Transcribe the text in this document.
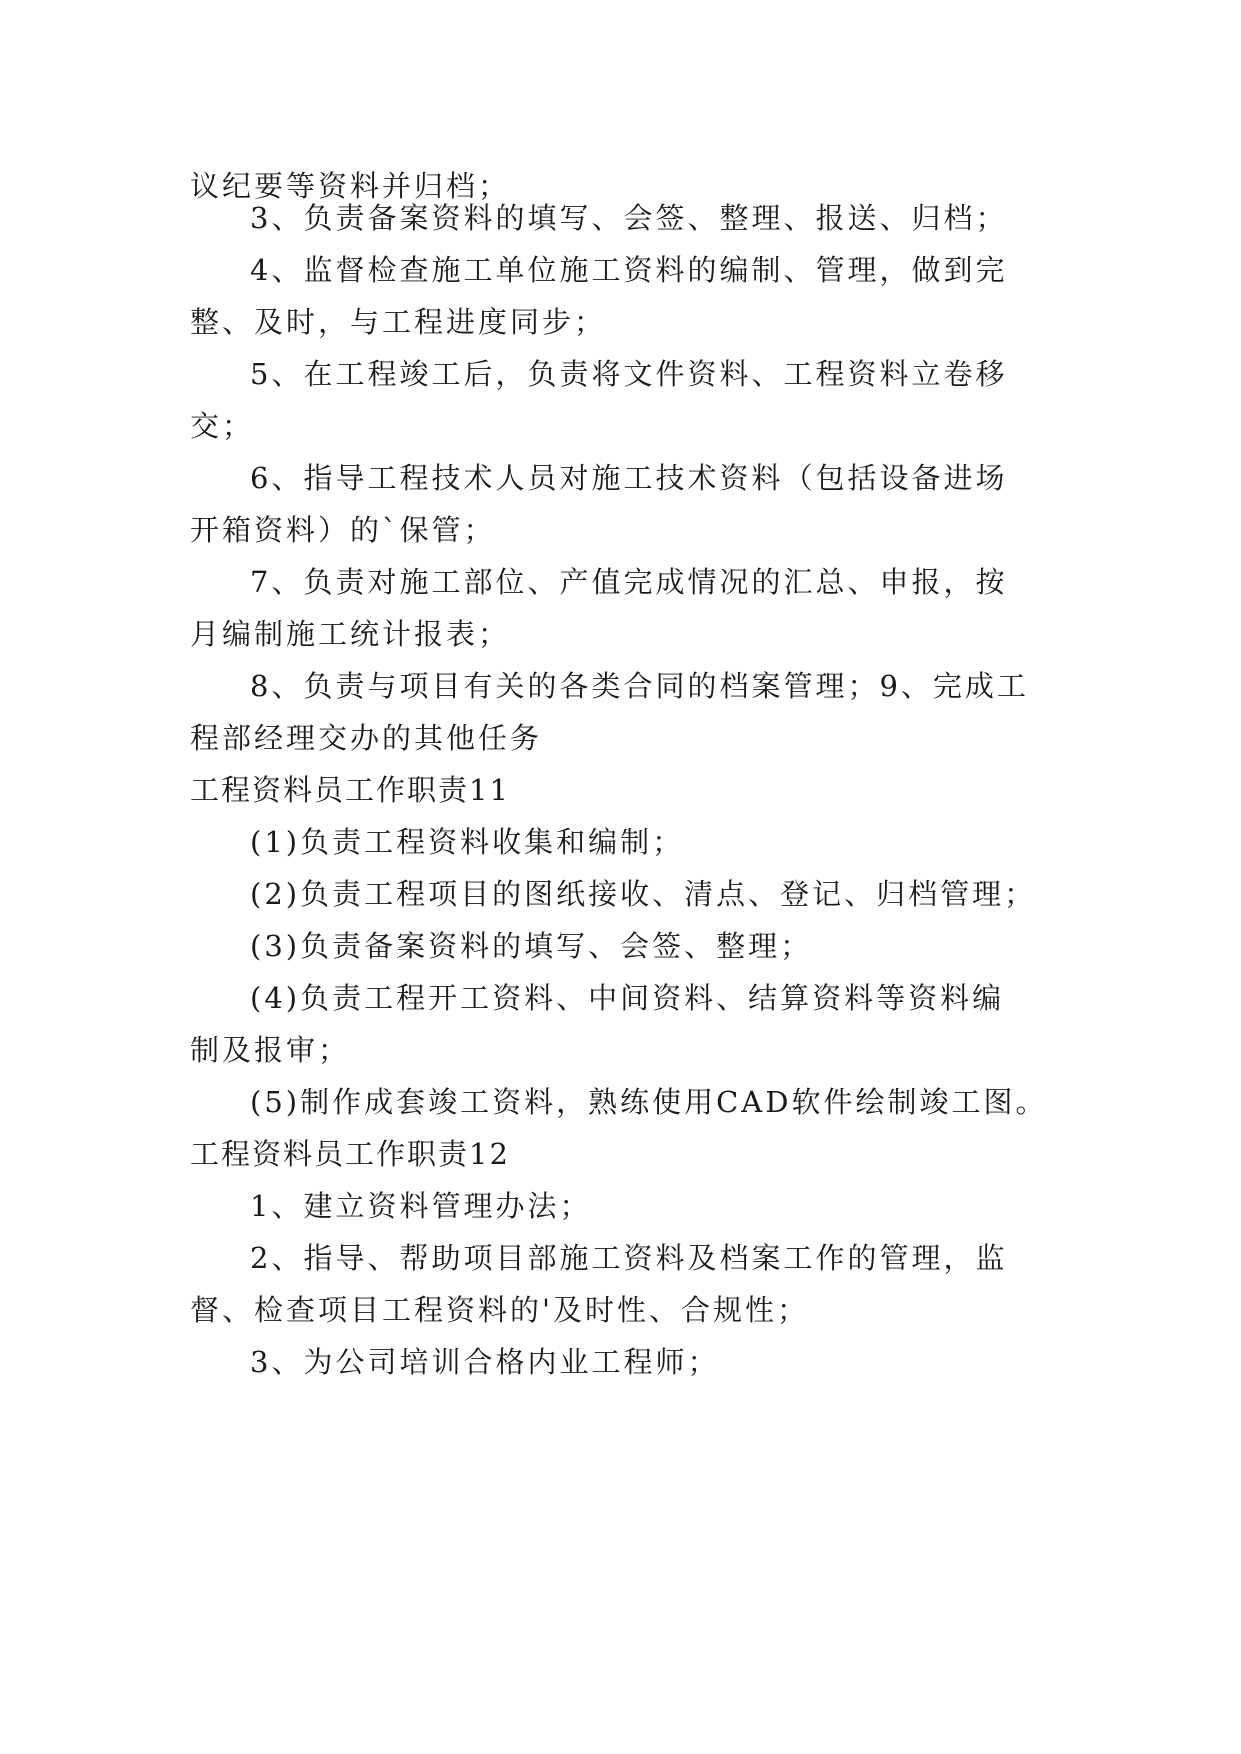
议纪要等资料并归档；
3、负责备案资料的填写、会签、整理、报送、归档；
4、监督检查施工单位施工资料的编制、管理，做到完
整、及时，与工程进度同步；
5、在工程竣工后，负责将文件资料、工程资料立卷移
交；
6、指导工程技术人员对施工技术资料（包括设备进场
开箱资料）的`保管；
7、负责对施工部位、产值完成情况的汇总、申报，按
月编制施工统计报表；
8、负责与项目有关的各类合同的档案管理；9、完成工
程部经理交办的其他任务
工程资料员工作职责11
(1)负责工程资料收集和编制；
(2)负责工程项目的图纸接收、清点、登记、归档管理；
(3)负责备案资料的填写、会签、整理；
(4)负责工程开工资料、中间资料、结算资料等资料编
制及报审；
(5)制作成套竣工资料，熟练使用CAD软件绘制竣工图。
工程资料员工作职责12
1、建立资料管理办法；
2、指导、帮助项目部施工资料及档案工作的管理，监
督、检查项目工程资料的'及时性、合规性；
3、为公司培训合格内业工程师；
